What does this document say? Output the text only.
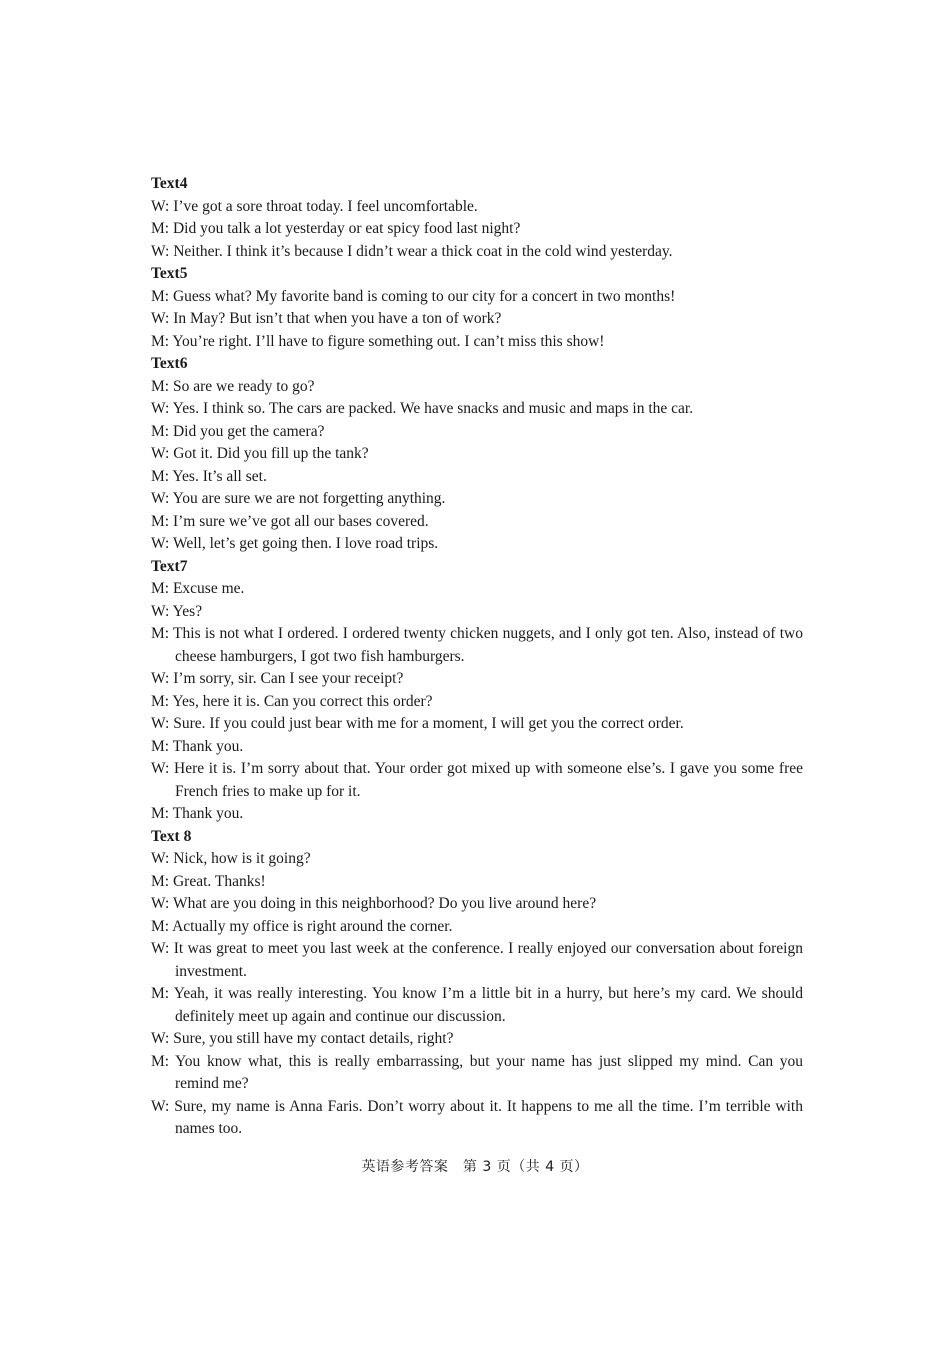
Text4

W: I’ve got a sore throat today. I feel uncomfortable.

M: Did you talk a lot yesterday or eat spicy food last night?

W: Neither. I think it’s because I didn’t wear a thick coat in the cold wind yesterday.

Text5

M: Guess what? My favorite band is coming to our city for a concert in two months!

W: In May? But isn’t that when you have a ton of work?

M: You’re right. I’ll have to figure something out. I can’t miss this show!

Text6

M: So are we ready to go?

W: Yes. I think so. The cars are packed. We have snacks and music and maps in the car.

M: Did you get the camera?

W: Got it. Did you fill up the tank?

M: Yes. It’s all set.

W: You are sure we are not forgetting anything.

M: I’m sure we’ve got all our bases covered.

W: Well, let’s get going then. I love road trips.

Text7

M: Excuse me.

W: Yes?

M: This is not what I ordered. I ordered twenty chicken nuggets, and I only got ten. Also, instead of two cheese hamburgers, I got two fish hamburgers.

W: I’m sorry, sir. Can I see your receipt?

M: Yes, here it is. Can you correct this order?

W: Sure. If you could just bear with me for a moment, I will get you the correct order.

M: Thank you.

W: Here it is. I’m sorry about that. Your order got mixed up with someone else’s. I gave you some free French fries to make up for it.

M: Thank you.

Text 8

W: Nick, how is it going?

M: Great. Thanks!

W: What are you doing in this neighborhood? Do you live around here?

M: Actually my office is right around the corner.

W: It was great to meet you last week at the conference. I really enjoyed our conversation about foreign investment.

M: Yeah, it was really interesting. You know I’m a little bit in a hurry, but here’s my card. We should definitely meet up again and continue our discussion.

W: Sure, you still have my contact details, right?

M: You know what, this is really embarrassing, but your name has just slipped my mind. Can you remind me?

W: Sure, my name is Anna Faris. Don’t worry about it. It happens to me all the time. I’m terrible with names too.

英语参考答案　第 3 页（共 4 页）
